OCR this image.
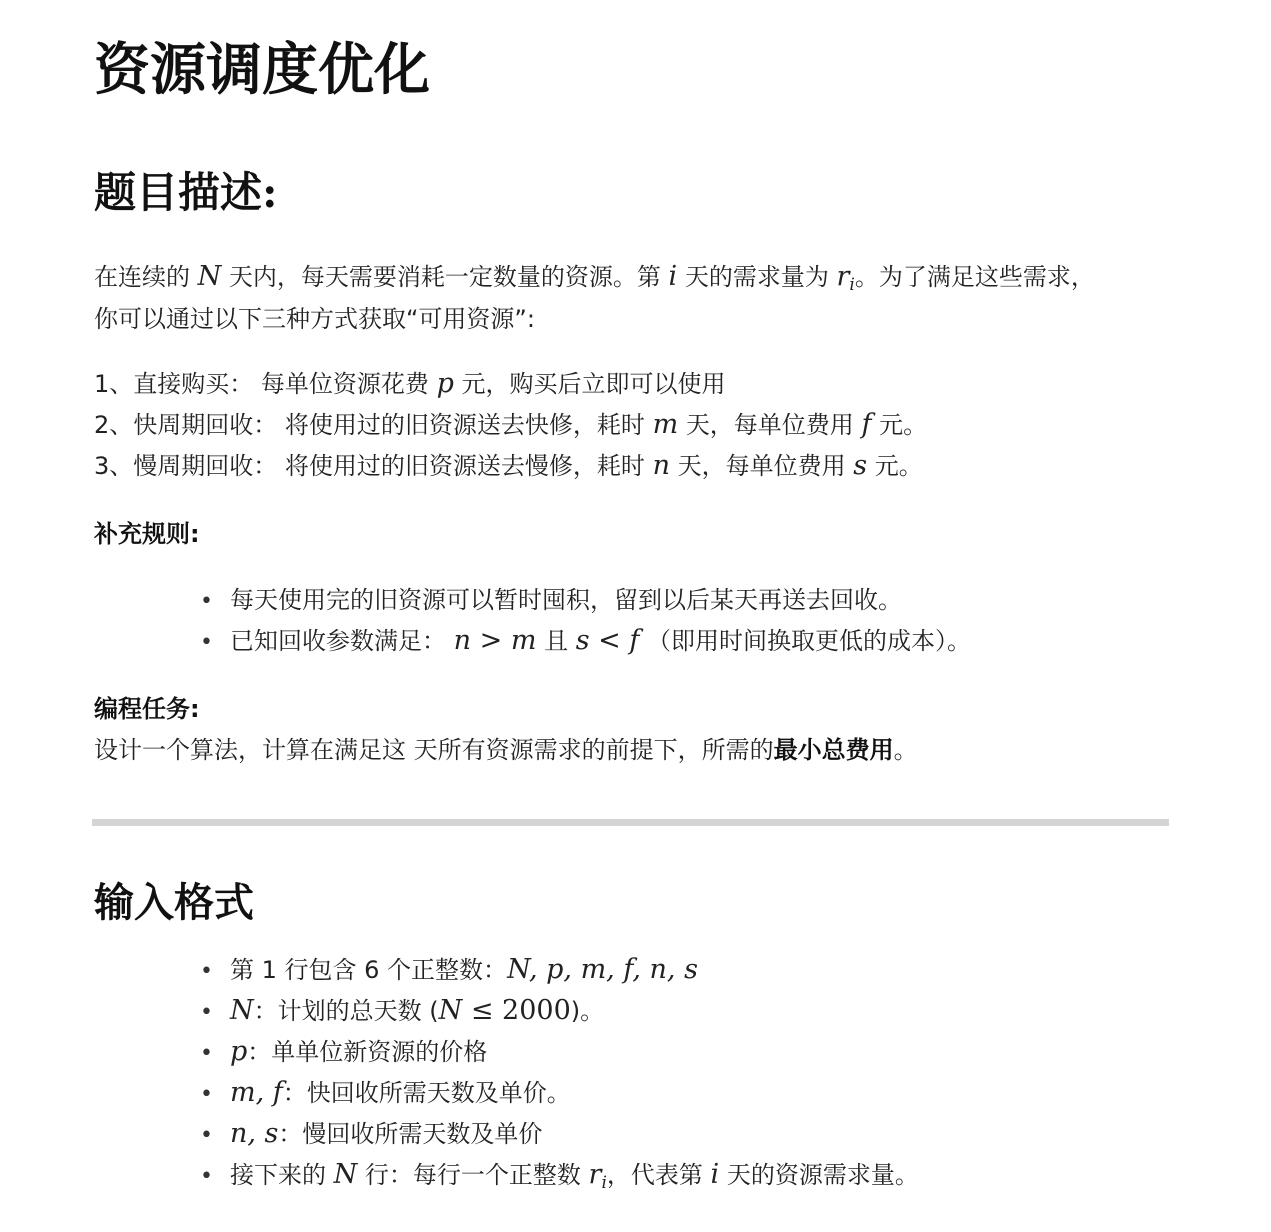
资源调度优化
题目描述:
在连续的 N 天内，每天需要消耗一定数量的资源。第 i 天的需求量为 $r_i$。为了满足这些需求，
你可以通过以下三种方式获取“可用资源”:
1、直接购买： 每单位资源花费 p 元，购买后立即可以使用
2、快周期回收： 将使用过的旧资源送去快修，耗时 m 天，每单位费用 f 元。
3、慢周期回收： 将使用过的旧资源送去慢修，耗时 n 天，每单位费用 s 元。
补充规则:
• 每天使用完的旧资源可以暂时囤积，留到以后某天再送去回收。
• 已知回收参数满足： n > m 且 s < f （即用时间换取更低的成本）。
编程任务:
设计一个算法，计算在满足这 天所有资源需求的前提下，所需的最小总费用。
输入格式
• 第 1 行包含 6 个正整数：N, p, m, f, n, s
• N：计划的总天数 (N ≤ 2000)。
• p：单单位新资源的价格
• m, f：快回收所需天数及单价。
• n, s：慢回收所需天数及单价
• 接下来的 N 行：每行一个正整数 $r_i$，代表第 i 天的资源需求量。
